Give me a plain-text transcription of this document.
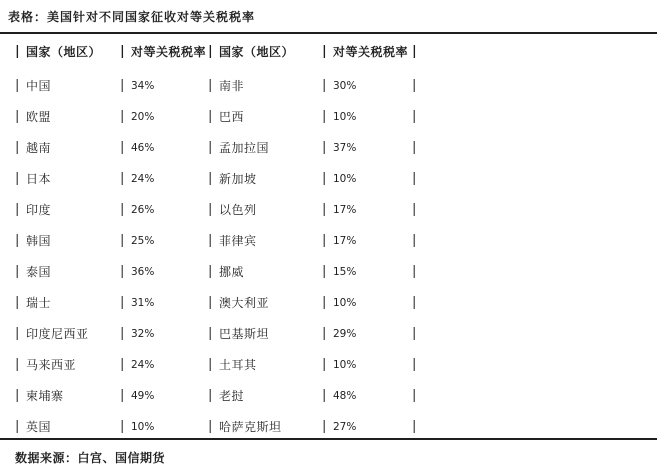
表格：美国针对不同国家征收对等关税税率
| 国家（地区） | 对等关税税率 | 国家（地区） | 对等关税税率 |
| 中国	| 34%	| 南非	| 30%	|
| 欧盟	| 20%	| 巴西	| 10%	|
| 越南	| 46%	| 孟加拉国	| 37%	|
| 日本	| 24%	| 新加坡	| 10%	|
| 印度	| 26%	| 以色列	| 17%	|
| 韩国	| 25%	| 菲律宾	| 17%	|
| 泰国	| 36%	| 挪威	| 15%	|
| 瑞士	| 31%	| 澳大利亚	| 10%	|
| 印度尼西亚 | 32%	| 巴基斯坦	| 29%	|
| 马来西亚	| 24%	| 土耳其	| 10%	|
| 柬埔寨	| 49%	| 老挝	| 48%	|
| 英国	| 10%	| 哈萨克斯坦	| 27%	|
数据来源：白宫、国信期货
